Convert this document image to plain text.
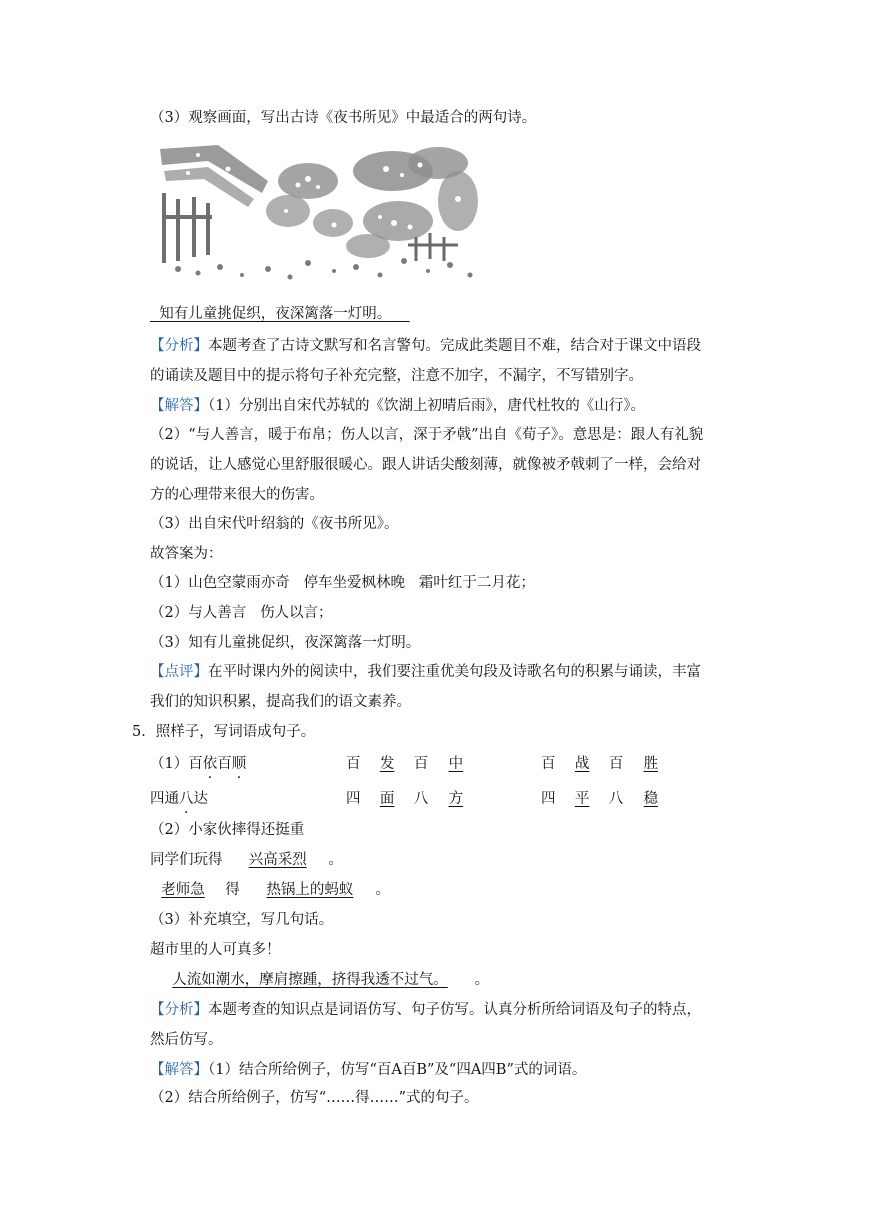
（3）观察画面，写出古诗《夜书所见》中最适合的两句诗。
知有儿童挑促织，夜深篱落一灯明。
【分析】本题考查了古诗文默写和名言警句。完成此类题目不难，结合对于课文中语段
的诵读及题目中的提示将句子补充完整，注意不加字，不漏字，不写错别字。
【解答】（1）分别出自宋代苏轼的《饮湖上初晴后雨》，唐代杜牧的《山行》。
（2）“与人善言，暖于布帛；伤人以言，深于矛戟”出自《荀子》。意思是：跟人有礼貌
的说话，让人感觉心里舒服很暖心。跟人讲话尖酸刻薄，就像被矛戟刺了一样，会给对
方的心理带来很大的伤害。
（3）出自宋代叶绍翁的《夜书所见》。
故答案为：
（1）山色空蒙雨亦奇 停车坐爱枫林晚 霜叶红于二月花；
（2）与人善言 伤人以言；
（3）知有儿童挑促织，夜深篱落一灯明。
【点评】在平时课内外的阅读中，我们要注重优美句段及诗歌名句的积累与诵读，丰富
我们的知识积累，提高我们的语文素养。
5．照样子，写词语成句子。
（1）百依百顺	百 发 百 中	百 战 百 胜
四通八达	四 面 八 方	四 平 八 稳
（2）小家伙摔得还挺重
同学们玩得 兴高采烈 。
老师急 得 热锅上的蚂蚁 。
（3）补充填空，写几句话。
超市里的人可真多！
人流如潮水，摩肩擦踵，挤得我透不过气。 。
【分析】本题考查的知识点是词语仿写、句子仿写。认真分析所给词语及句子的特点，
然后仿写。
【解答】（1）结合所给例子，仿写“百A百B”及“四A四B”式的词语。
（2）结合所给例子，仿写“……得……”式的句子。
